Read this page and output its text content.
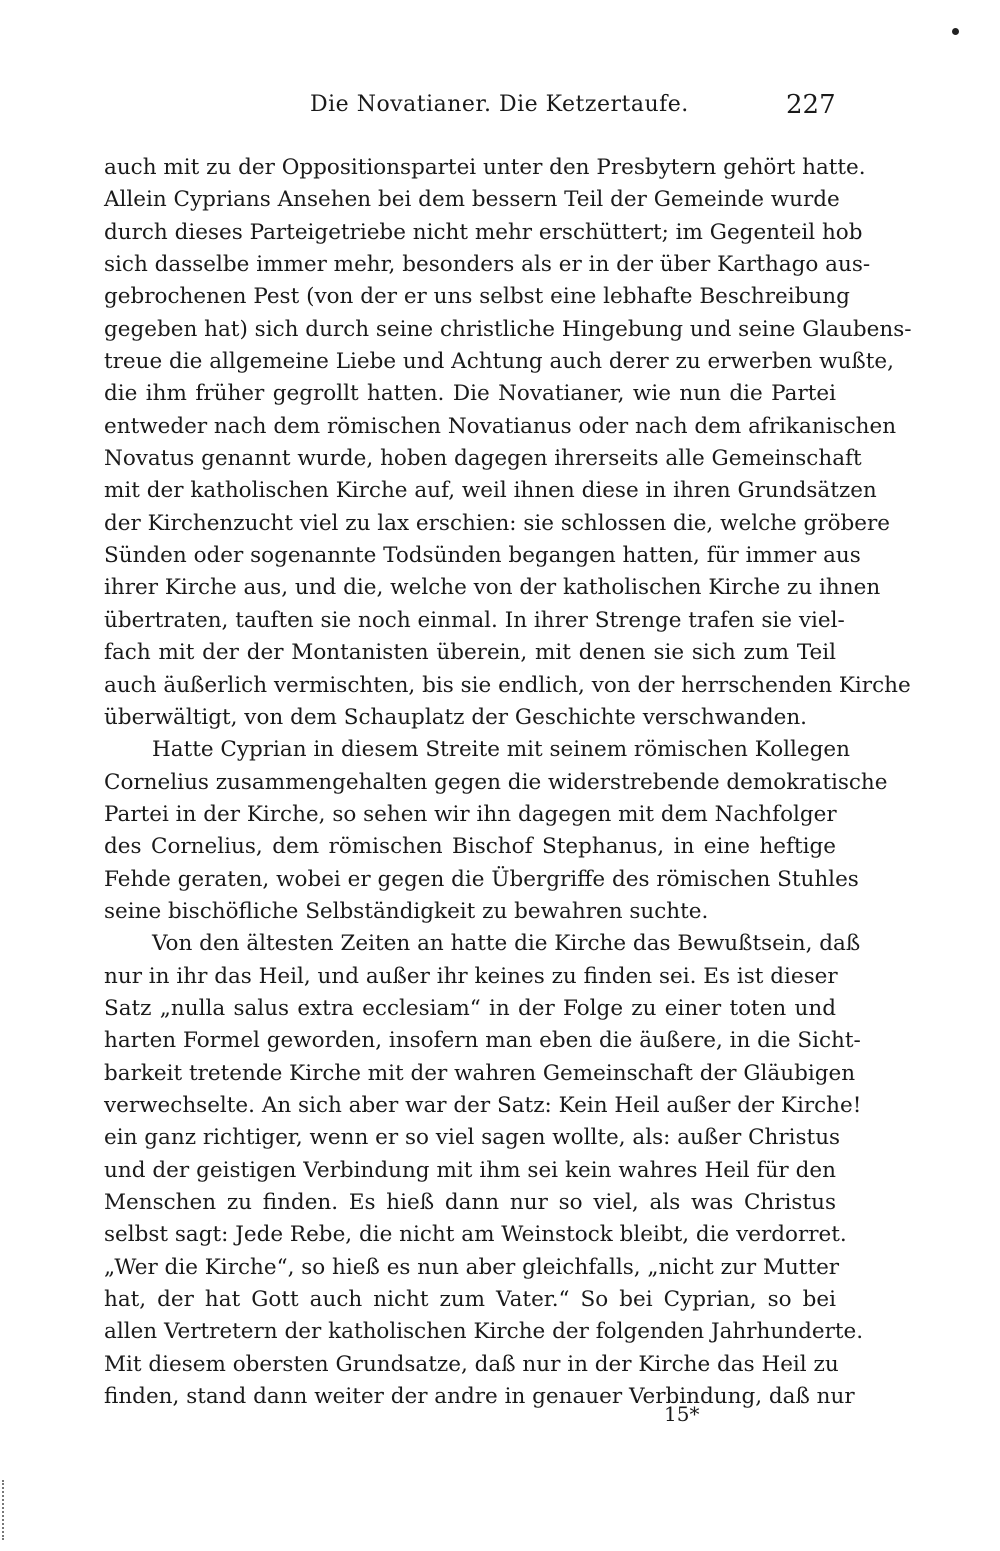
Die Novatianer. Die Ketzertaufe.	227

auch mit zu der Oppositionspartei unter den Presbytern gehört hatte.
Allein Cyprians Ansehen bei dem bessern Teil der Gemeinde wurde
durch dieses Parteigetriebe nicht mehr erschüttert; im Gegenteil hob
sich dasselbe immer mehr, besonders als er in der über Karthago aus-
gebrochenen Pest (von der er uns selbst eine lebhafte Beschreibung
gegeben hat) sich durch seine christliche Hingebung und seine Glaubens-
treue die allgemeine Liebe und Achtung auch derer zu erwerben wußte,
die ihm früher gegrollt hatten. Die Novatianer, wie nun die Partei
entweder nach dem römischen Novatianus oder nach dem afrikanischen
Novatus genannt wurde, hoben dagegen ihrerseits alle Gemeinschaft
mit der katholischen Kirche auf, weil ihnen diese in ihren Grundsätzen
der Kirchenzucht viel zu lax erschien: sie schlossen die, welche gröbere
Sünden oder sogenannte Todsünden begangen hatten, für immer aus
ihrer Kirche aus, und die, welche von der katholischen Kirche zu ihnen
übertraten, tauften sie noch einmal. In ihrer Strenge trafen sie viel-
fach mit der der Montanisten überein, mit denen sie sich zum Teil
auch äußerlich vermischten, bis sie endlich, von der herrschenden Kirche
überwältigt, von dem Schauplatz der Geschichte verschwanden.

Hatte Cyprian in diesem Streite mit seinem römischen Kollegen
Cornelius zusammengehalten gegen die widerstrebende demokratische
Partei in der Kirche, so sehen wir ihn dagegen mit dem Nachfolger
des Cornelius, dem römischen Bischof Stephanus, in eine heftige
Fehde geraten, wobei er gegen die Übergriffe des römischen Stuhles
seine bischöfliche Selbständigkeit zu bewahren suchte.

Von den ältesten Zeiten an hatte die Kirche das Bewußtsein, daß
nur in ihr das Heil, und außer ihr keines zu finden sei. Es ist dieser
Satz „nulla salus extra ecclesiam“ in der Folge zu einer toten und
harten Formel geworden, insofern man eben die äußere, in die Sicht-
barkeit tretende Kirche mit der wahren Gemeinschaft der Gläubigen
verwechselte. An sich aber war der Satz: Kein Heil außer der Kirche!
ein ganz richtiger, wenn er so viel sagen wollte, als: außer Christus
und der geistigen Verbindung mit ihm sei kein wahres Heil für den
Menschen zu finden. Es hieß dann nur so viel, als was Christus
selbst sagt: Jede Rebe, die nicht am Weinstock bleibt, die verdorret.
„Wer die Kirche“, so hieß es nun aber gleichfalls, „nicht zur Mutter
hat, der hat Gott auch nicht zum Vater.“ So bei Cyprian, so bei
allen Vertretern der katholischen Kirche der folgenden Jahrhunderte.
Mit diesem obersten Grundsatze, daß nur in der Kirche das Heil zu
finden, stand dann weiter der andre in genauer Verbindung, daß nur

15*
